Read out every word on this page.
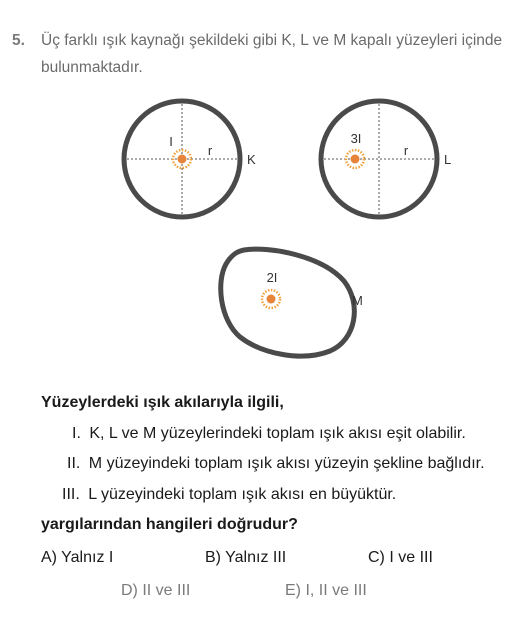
5. Üç farklı ışık kaynağı şekildeki gibi K, L ve M kapalı yüzeyleri içinde
bulunmaktadır.
I
r
K
3I
r
L
2I
M
Yüzeylerdeki ışık akılarıyla ilgili,
I. K, L ve M yüzeylerindeki toplam ışık akısı eşit olabilir.
II. M yüzeyindeki toplam ışık akısı yüzeyin şekline bağlıdır.
III. L yüzeyindeki toplam ışık akısı en büyüktür.
yargılarından hangileri doğrudur?
A) Yalnız I	B) Yalnız III	C) I ve III
D) II ve III	E) I, II ve III
